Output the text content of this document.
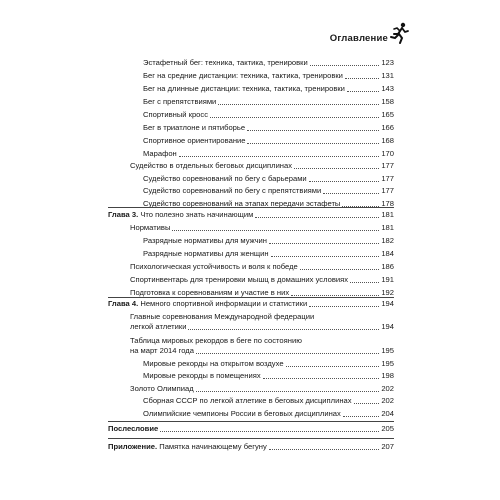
Оглавление
Эстафетный бег: техника, тактика, тренировки	123
Бег на средние дистанции: техника, тактика, тренировки	131
Бег на длинные дистанции: техника, тактика, тренировки	143
Бег с препятствиями	158
Спортивный кросс	165
Бег в триатлоне и пятиборье	166
Спортивное ориентирование	168
Марафон	170
Судейство в отдельных беговых дисциплинах	177
Судейство соревнований по бегу с барьерами	177
Судейство соревнований по бегу с препятствиями	177
Судейство соревнований на этапах передачи эстафеты	178
Глава 3. Что полезно знать начинающим	181
Нормативы	181
Разрядные нормативы для мужчин	182
Разрядные нормативы для женщин	184
Психологическая устойчивость и воля к победе	186
Спортинвентарь для тренировки мышц в домашних условиях	191
Подготовка к соревнованиям и участие в них	192
Глава 4. Немного спортивной информации и статистики	194
Главные соревнования Международной федерации
легкой атлетики	194
Таблица мировых рекордов в беге по состоянию
на март 2014 года	195
Мировые рекорды на открытом воздухе	195
Мировые рекорды в помещениях	198
Золото Олимпиад	202
Сборная СССР по легкой атлетике в беговых дисциплинах	202
Олимпийские чемпионы России в беговых дисциплинах	204
Послесловие	205
Приложение. Памятка начинающему бегуну	207
